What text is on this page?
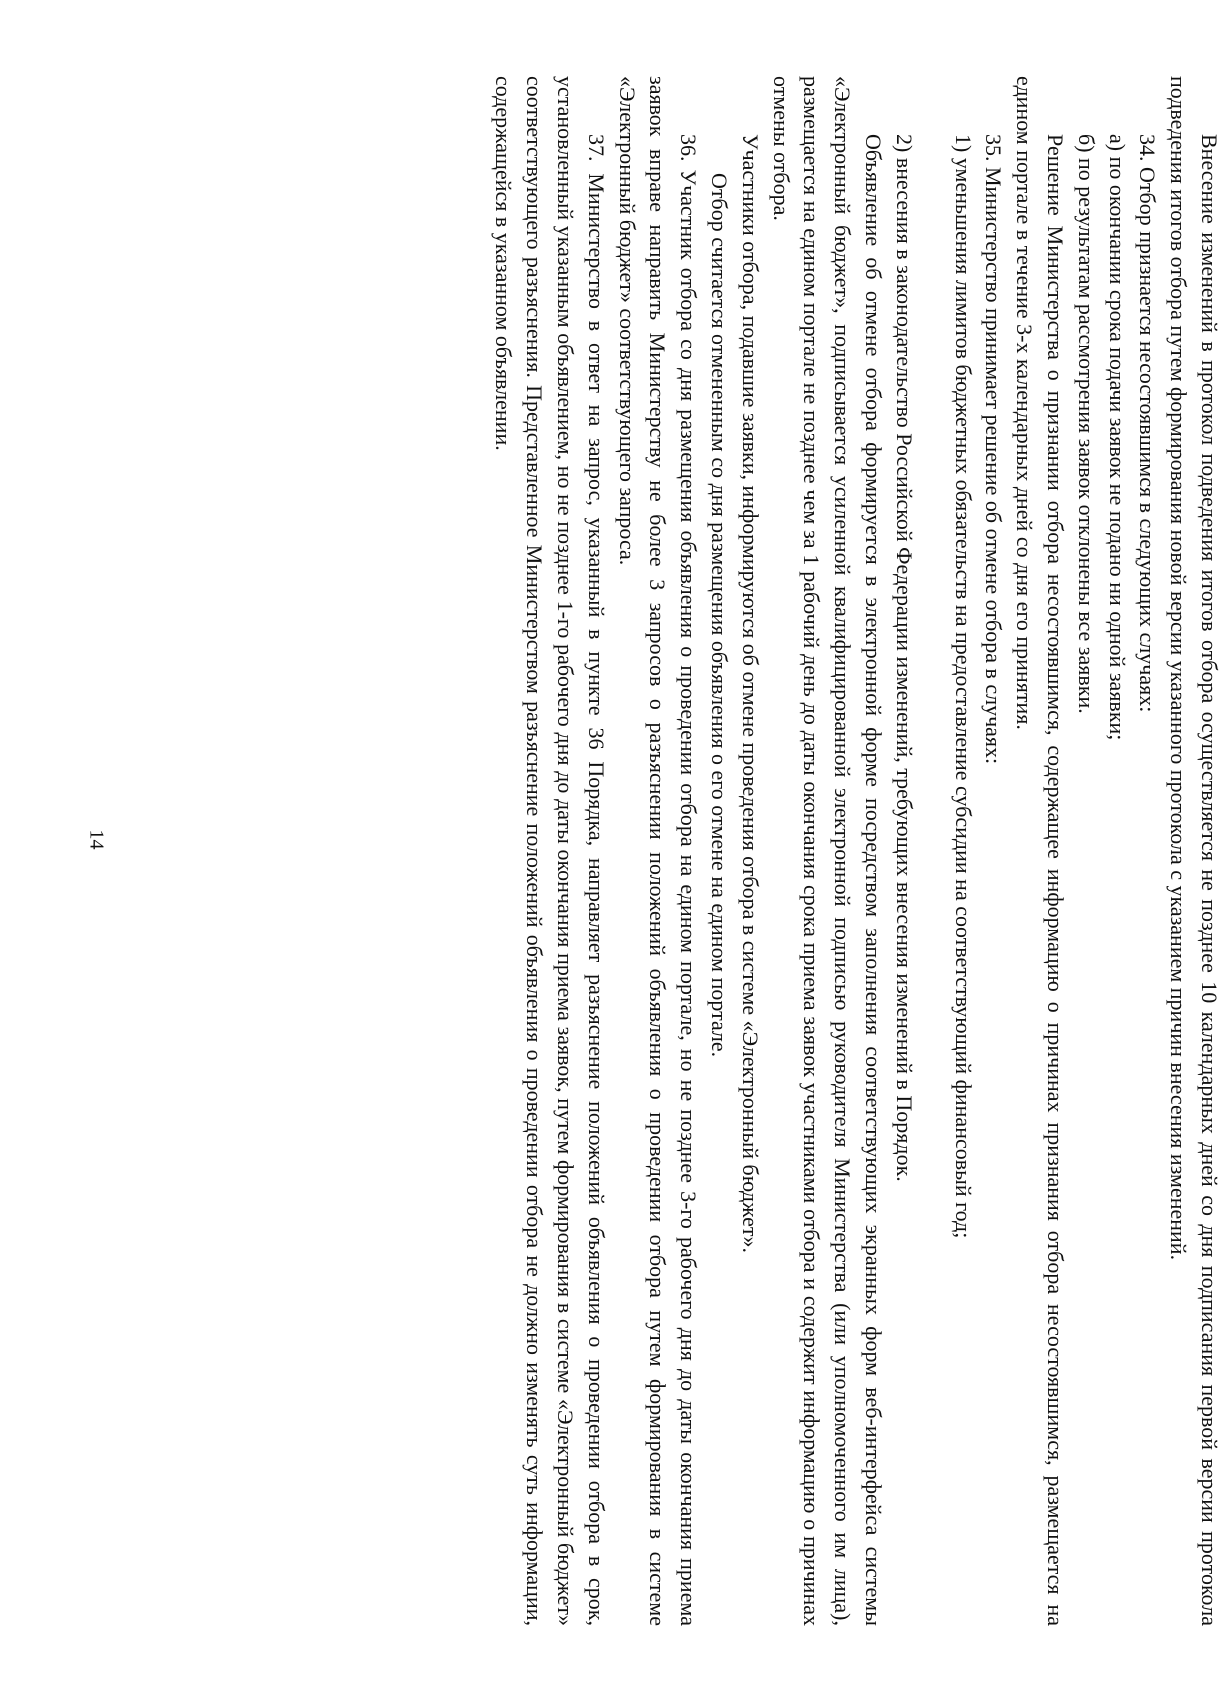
14	Внесение изменений в протокол подведения итогов отбора осуществляется не позднее 10 календарных дней со дня подписания первой версии протокола подведения итогов отбора путем формирования новой версии указанного протокола с указанием причин внесения изменений.

34. Отбор признается несостоявшимся в следующих случаях:

а) по окончании срока подачи заявок не подано ни одной заявки;

б) по результатам рассмотрения заявок отклонены все заявки.

Решение Министерства о признании отбора несостоявшимся, содержащее информацию о причинах признания отбора несостоявшимся, размещается на едином портале в течение 3-х календарных дней со дня его принятия.

35. Министерство принимает решение об отмене отбора в случаях:

1) уменьшения лимитов бюджетных обязательств на предоставление субсидии на соответствующий финансовый год;

2) внесения в законодательство Российской Федерации изменений, требующих внесения изменений в Порядок.

Объявление об отмене отбора формируется в электронной форме посредством заполнения соответствующих экранных форм веб-интерфейса системы «Электронный бюджет», подписывается усиленной квалифицированной электронной подписью руководителя Министерства (или уполномоченного им лица), размещается на едином портале не позднее чем за 1 рабочий день до даты окончания срока приема заявок участниками отбора и содержит информацию о причинах отмены отбора.

Участники отбора, подавшие заявки, информируются об отмене проведения отбора в системе «Электронный бюджет».

Отбор считается отмененным со дня размещения объявления о его отмене на едином портале.

36. Участник отбора со дня размещения объявления о проведении отбора на едином портале, но не позднее 3-го рабочего дня до даты окончания приема заявок вправе направить Министерству не более 3 запросов о разъяснении положений объявления о проведении отбора путем формирования в системе «Электронный бюджет» соответствующего запроса.

37. Министерство в ответ на запрос, указанный в пункте 36 Порядка, направляет разъяснение положений объявления о проведении отбора в срок, установленный указанным объявлением, но не позднее 1-го рабочего дня до даты окончания приема заявок, путем формирования в системе «Электронный бюджет» соответствующего разъяснения. Представленное Министерством разъяснение положений объявления о проведении отбора не должно изменять суть информации, содержащейся в указанном объявлении.
